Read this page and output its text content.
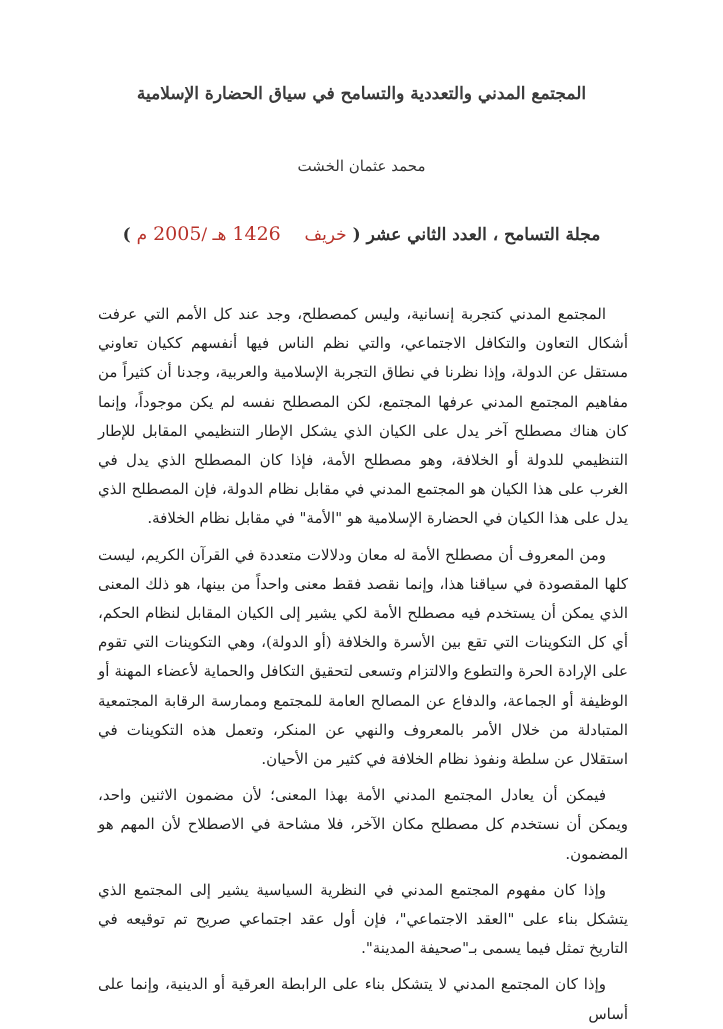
المجتمع المدني والتعددية والتسامح في سياق الحضارة الإسلامية
محمد عثمان الخشت
مجلة التسامح ، العدد الثاني عشر ( خريف    1426 هـ /2005 م )

المجتمع المدني كتجربة إنسانية، وليس كمصطلح، وجد عند كل الأمم التي عرفت أشكال التعاون والتكافل الاجتماعي، والتي نظم الناس فيها أنفسهم ككيان تعاوني مستقل عن الدولة، وإذا نظرنا في نطاق التجربة الإسلامية والعربية، وجدنا أن كثيراً من مفاهيم المجتمع المدني عرفها المجتمع، لكن المصطلح نفسه لم يكن موجوداً، وإنما كان هناك مصطلح آخر يدل على الكيان الذي يشكل الإطار التنظيمي المقابل للإطار التنظيمي للدولة أو الخلافة، وهو مصطلح الأمة، فإذا كان المصطلح الذي يدل في الغرب على هذا الكيان هو المجتمع المدني في مقابل نظام الدولة، فإن المصطلح الذي يدل على هذا الكيان في الحضارة الإسلامية هو "الأمة" في مقابل نظام الخلافة.

ومن المعروف أن مصطلح الأمة له معان ودلالات متعددة في القرآن الكريم، ليست كلها المقصودة في سياقنا هذا، وإنما نقصد فقط معنى واحداً من بينها، هو ذلك المعنى الذي يمكن أن يستخدم فيه مصطلح الأمة لكي يشير إلى الكيان المقابل لنظام الحكم، أي كل التكوينات التي تقع بين الأسرة والخلافة (أو الدولة)، وهي التكوينات التي تقوم على الإرادة الحرة والتطوع والالتزام وتسعى لتحقيق التكافل والحماية لأعضاء المهنة أو الوظيفة أو الجماعة، والدفاع عن المصالح العامة للمجتمع وممارسة الرقابة المجتمعية المتبادلة من خلال الأمر بالمعروف والنهي عن المنكر، وتعمل هذه التكوينات في استقلال عن سلطة ونفوذ نظام الخلافة في كثير من الأحيان.

فيمكن أن يعادل المجتمع المدني الأمة بهذا المعنى؛ لأن مضمون الاثنين واحد، ويمكن أن نستخدم كل مصطلح مكان الآخر، فلا مشاحة في الاصطلاح لأن المهم هو المضمون.

وإذا كان مفهوم المجتمع المدني في النظرية السياسية يشير إلى المجتمع الذي يتشكل بناء على "العقد الاجتماعي"، فإن أول عقد اجتماعي صريح تم توقيعه في التاريخ تمثل فيما يسمى بـ"صحيفة المدينة".

وإذا كان المجتمع المدني لا يتشكل بناء على الرابطة العرقية أو الدينية، وإنما على أساس
